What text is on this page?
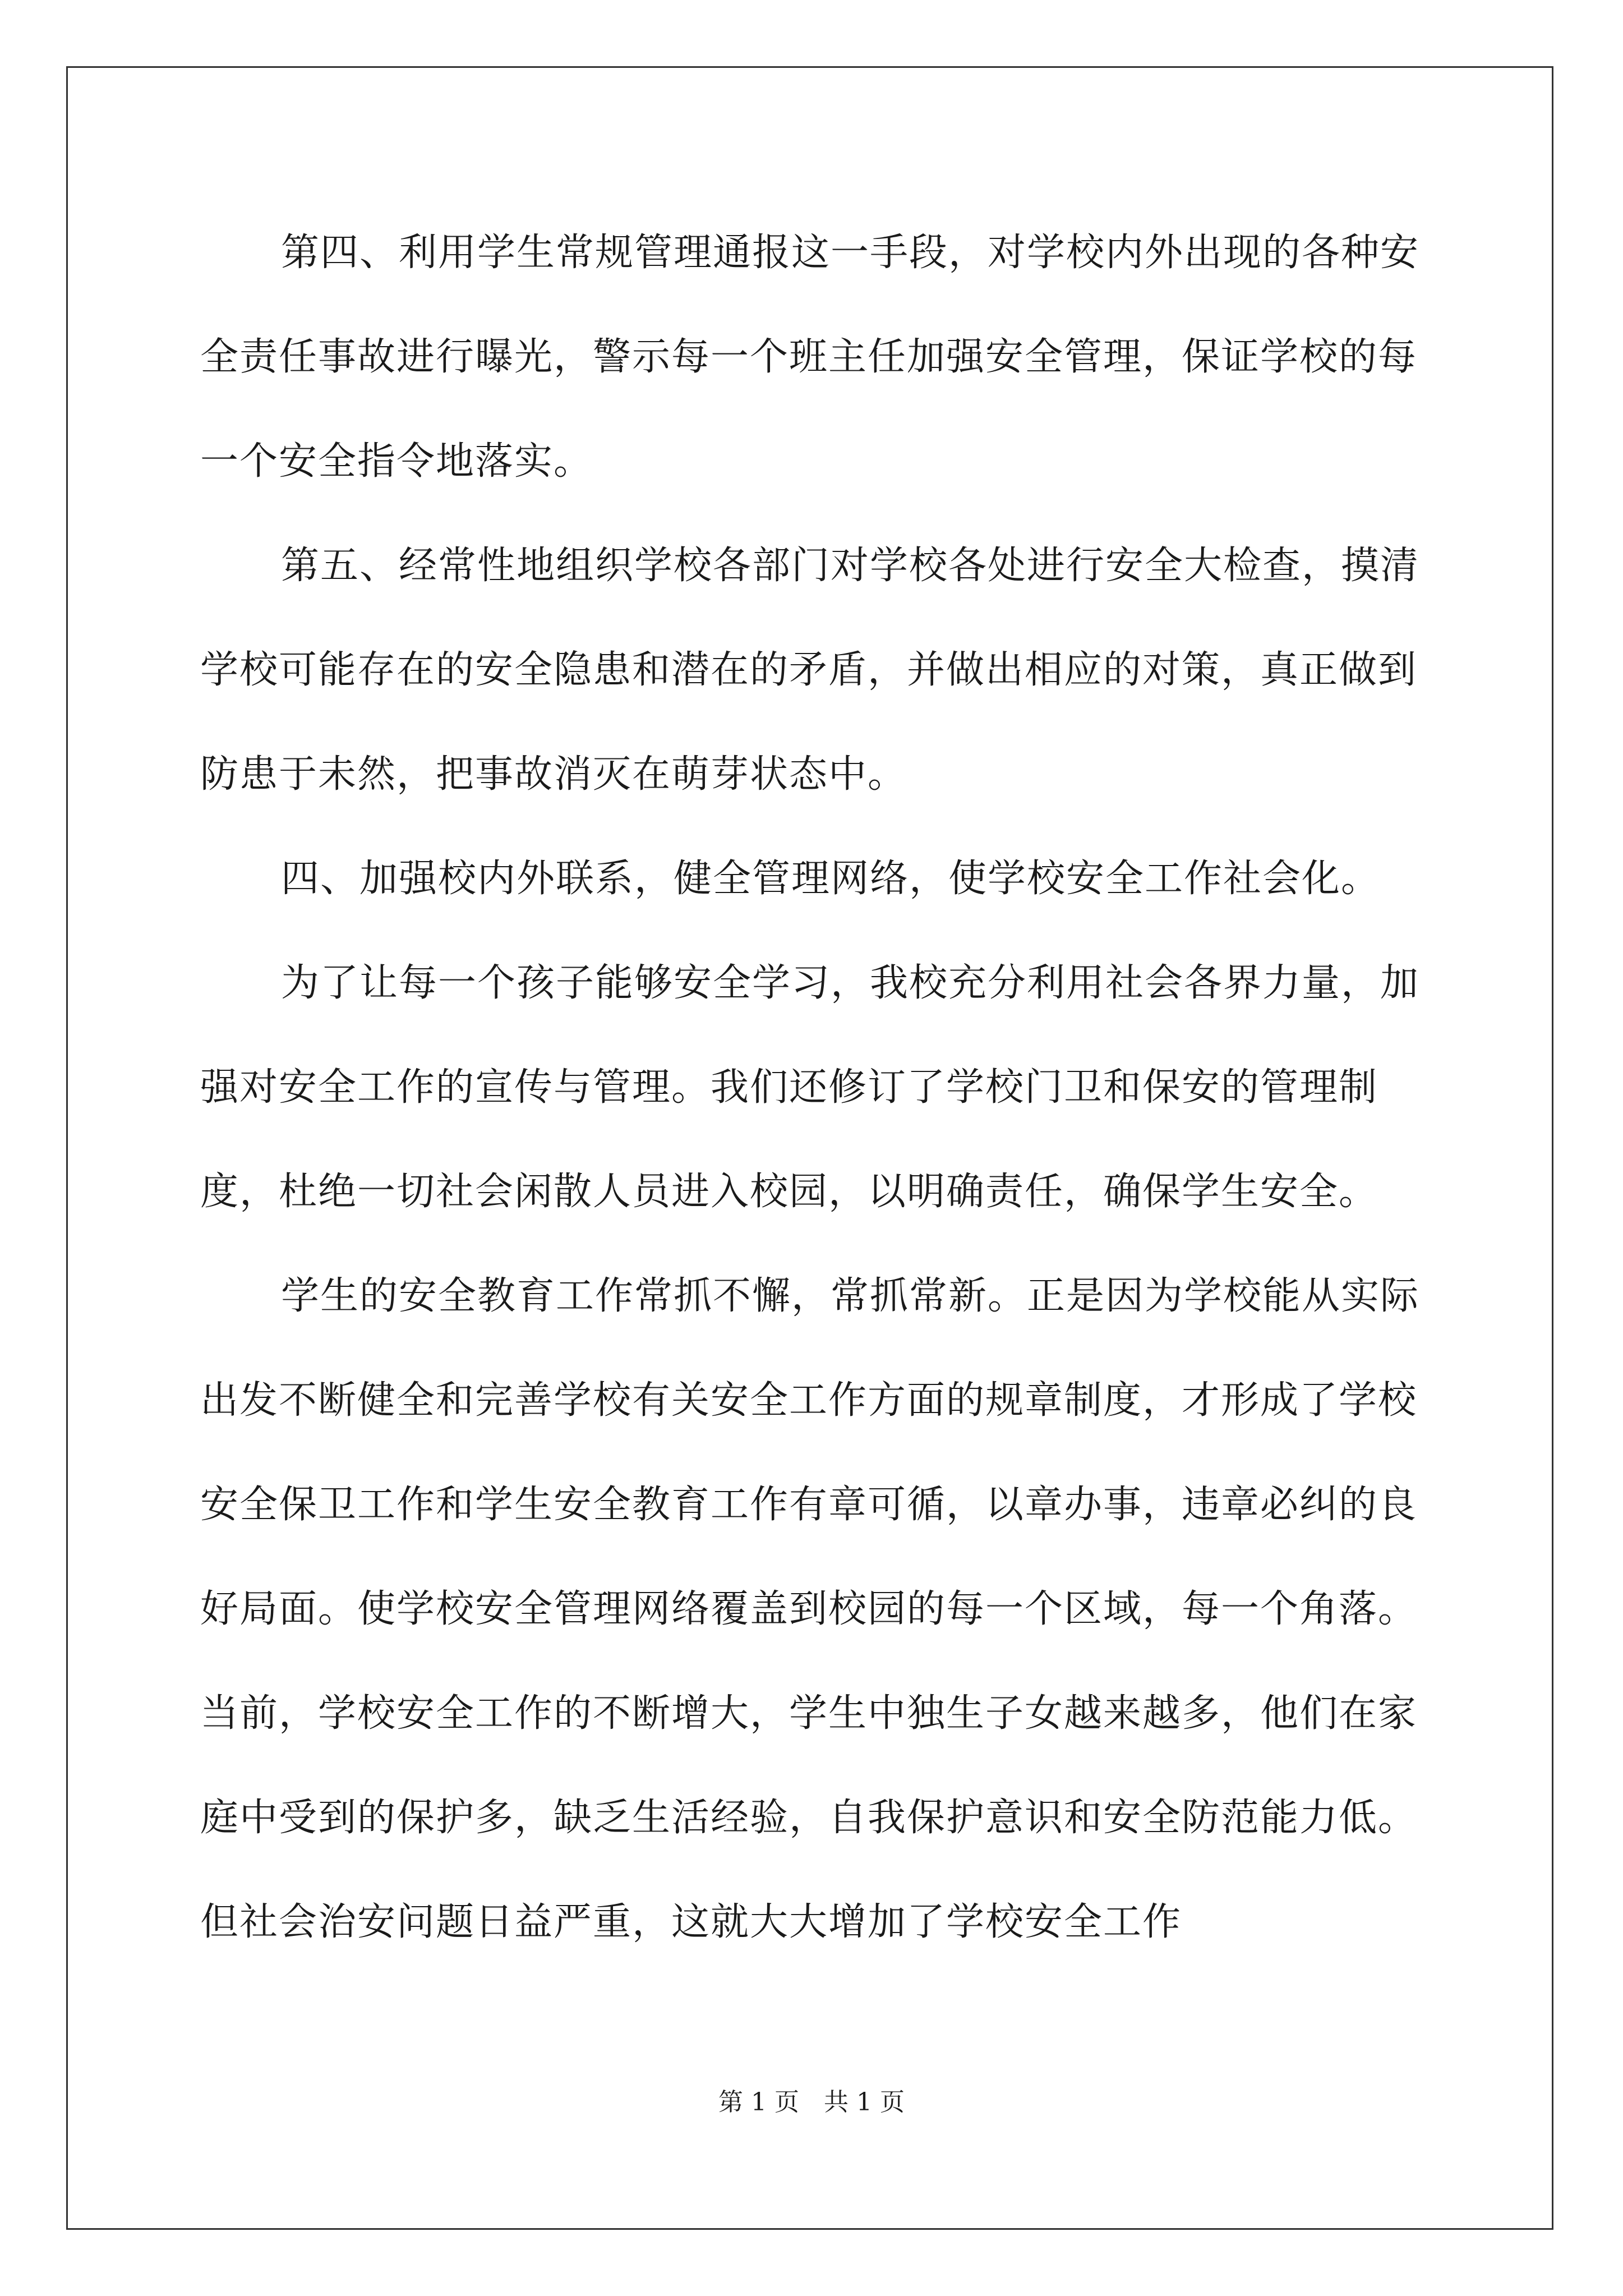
第四、利用学生常规管理通报这一手段，对学校内外出现的各种安全责任事故进行曝光，警示每一个班主任加强安全管理，保证学校的每一个安全指令地落实。

第五、经常性地组织学校各部门对学校各处进行安全大检查，摸清学校可能存在的安全隐患和潜在的矛盾，并做出相应的对策，真正做到防患于未然，把事故消灭在萌芽状态中。

四、加强校内外联系，健全管理网络，使学校安全工作社会化。

为了让每一个孩子能够安全学习，我校充分利用社会各界力量，加强对安全工作的宣传与管理。我们还修订了学校门卫和保安的管理制度，杜绝一切社会闲散人员进入校园，以明确责任，确保学生安全。

学生的安全教育工作常抓不懈，常抓常新。正是因为学校能从实际出发不断健全和完善学校有关安全工作方面的规章制度，才形成了学校安全保卫工作和学生安全教育工作有章可循，以章办事，违章必纠的良好局面。使学校安全管理网络覆盖到校园的每一个区域，每一个角落。当前，学校安全工作的不断增大，学生中独生子女越来越多，他们在家庭中受到的保护多，缺乏生活经验，自我保护意识和安全防范能力低。但社会治安问题日益严重，这就大大增加了学校安全工作

第 1 页　共 1 页
